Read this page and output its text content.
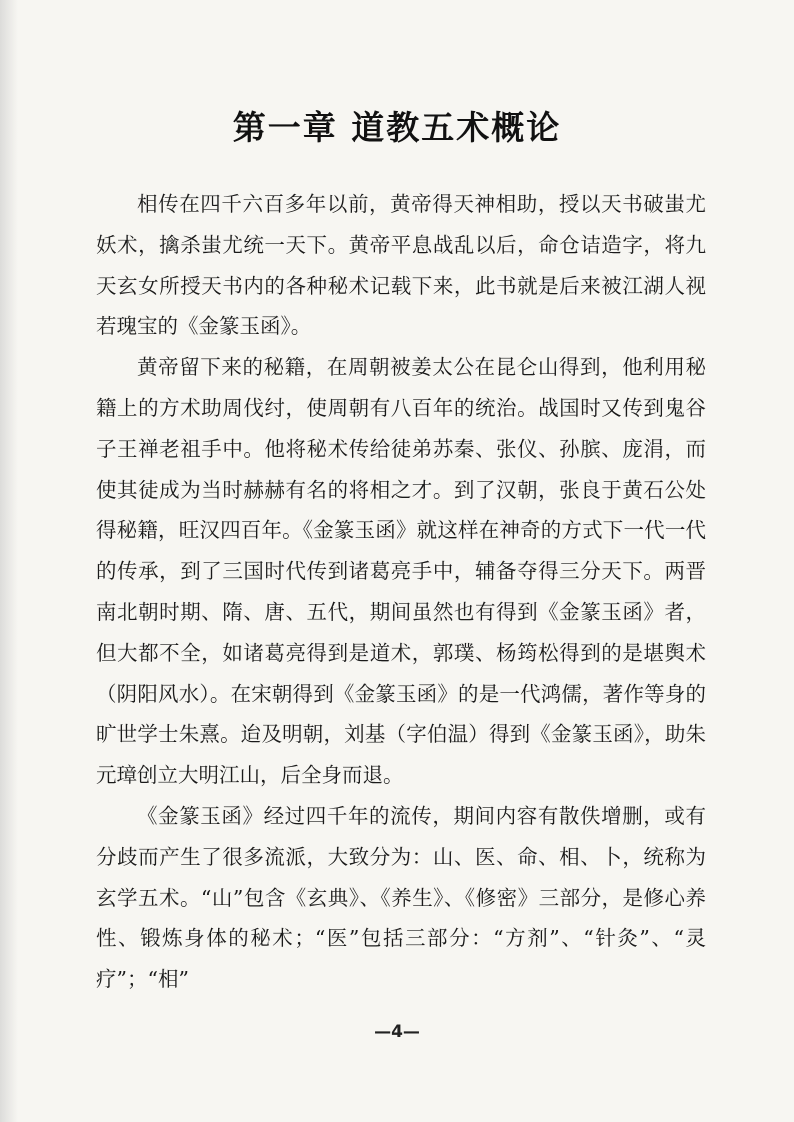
第一章 道教五术概论

相传在四千六百多年以前，黄帝得天神相助，授以天书破蚩尤妖术，擒杀蚩尤统一天下。黄帝平息战乱以后，命仓诘造字，将九天玄女所授天书内的各种秘术记载下来，此书就是后来被江湖人视若瑰宝的《金篆玉函》。

黄帝留下来的秘籍，在周朝被姜太公在昆仑山得到，他利用秘籍上的方术助周伐纣，使周朝有八百年的统治。战国时又传到鬼谷子王禅老祖手中。他将秘术传给徒弟苏秦、张仪、孙膑、庞涓，而使其徒成为当时赫赫有名的将相之才。到了汉朝，张良于黄石公处得秘籍，旺汉四百年。《金篆玉函》就这样在神奇的方式下一代一代的传承，到了三国时代传到诸葛亮手中，辅备夺得三分天下。两晋南北朝时期、隋、唐、五代，期间虽然也有得到《金篆玉函》者，但大都不全，如诸葛亮得到是道术，郭璞、杨筠松得到的是堪舆术（阴阳风水）。在宋朝得到《金篆玉函》的是一代鸿儒，著作等身的旷世学士朱熹。迨及明朝，刘基（字伯温）得到《金篆玉函》，助朱元璋创立大明江山，后全身而退。

《金篆玉函》经过四千年的流传，期间内容有散佚增删，或有分歧而产生了很多流派，大致分为：山、医、命、相、卜，统称为玄学五术。“山”包含《玄典》、《养生》、《修密》三部分，是修心养性、锻炼身体的秘术；“医”包括三部分：“方剂”、“针灸”、“灵疗”；“相”

—4—
